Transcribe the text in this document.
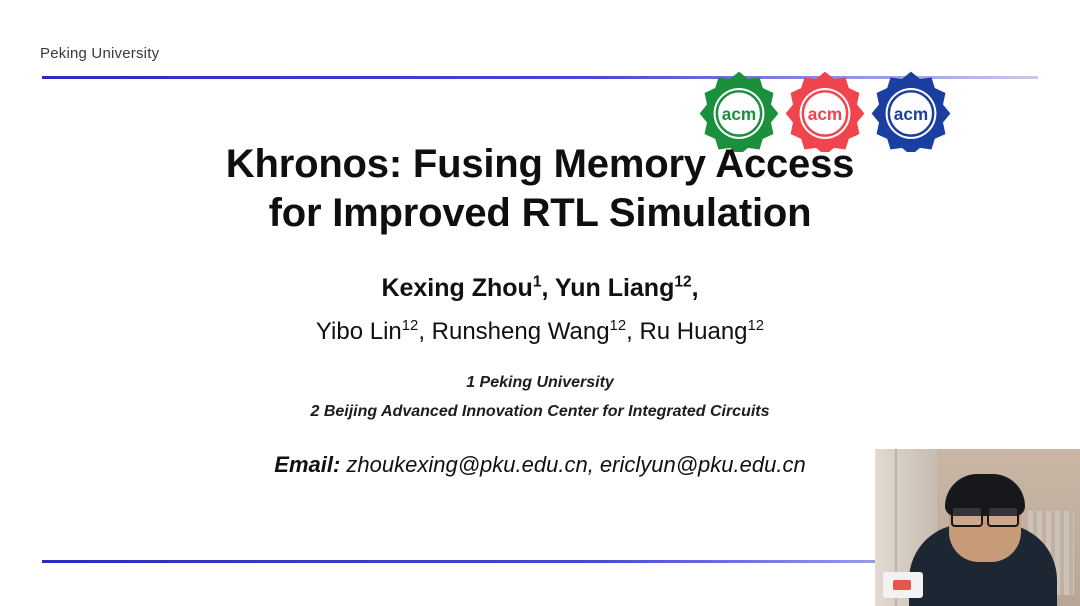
Peking University
acm acm acm
Khronos: Fusing Memory Access
for Improved RTL Simulation
Kexing Zhou$^1$, Yun Liang$^{12}$,
Yibo Lin$^{12}$, Runsheng Wang$^{12}$, Ru Huang$^{12}$
1 Peking University
2 Beijing Advanced Innovation Center for Integrated Circuits
Email: zhoukexing@pku.edu.cn, ericlyun@pku.edu.cn
